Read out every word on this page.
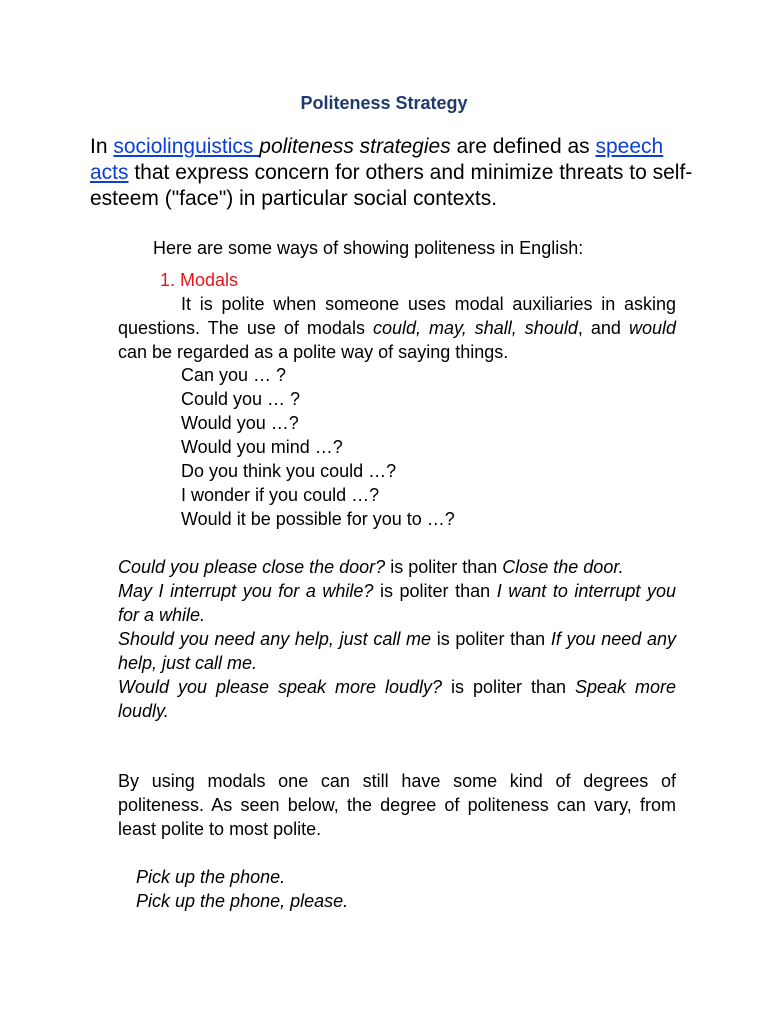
Politeness Strategy
In sociolinguistics politeness strategies are defined as speech acts that express concern for others and minimize threats to self-esteem ("face") in particular social contexts.
Here are some ways of showing politeness in English:
1. Modals
It is polite when someone uses modal auxiliaries in asking questions. The use of modals could, may, shall, should, and would can be regarded as a polite way of saying things.
Can you … ?
Could you … ?
Would you …?
Would you mind …?
Do you think you could …?
I wonder if you could …?
Would it be possible for you to …?

Could you please close the door? is politer than Close the door.

May I interrupt you for a while? is politer than I want to interrupt you for a while.

Should you need any help, just call me is politer than If you need any help, just call me.

Would you please speak more loudly? is politer than Speak more loudly.

By using modals one can still have some kind of degrees of politeness. As seen below, the degree of politeness can vary, from least polite to most polite.
Pick up the phone.
Pick up the phone, please.
